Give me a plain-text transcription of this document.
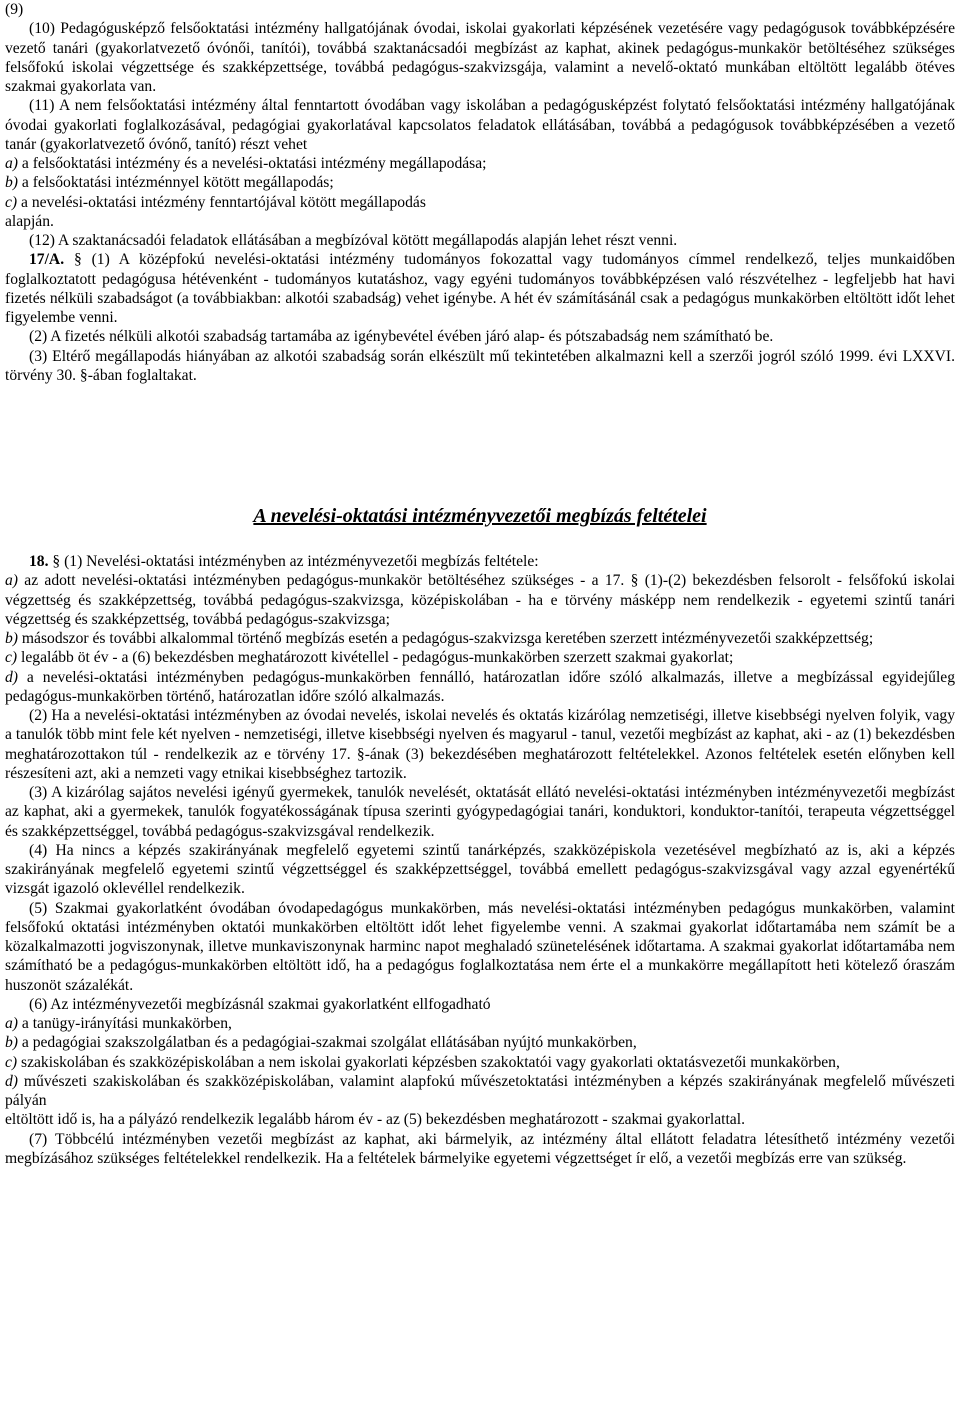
(9)

(10) Pedagógusképző felsőoktatási intézmény hallgatójának óvodai, iskolai gyakorlati képzésének vezetésére vagy pedagógusok továbbképzésére vezető tanári (gyakorlatvezető óvónői, tanítói), továbbá szaktanácsadói megbízást az kaphat, akinek pedagógus-munkakör betöltéséhez szükséges felsőfokú iskolai végzettsége és szakképzettsége, továbbá pedagógus-szakvizsgája, valamint a nevelő-oktató munkában eltöltött legalább ötéves szakmai gyakorlata van.

(11) A nem felsőoktatási intézmény által fenntartott óvodában vagy iskolában a pedagógusképzést folytató felsőoktatási intézmény hallgatójának óvodai gyakorlati foglalkozásával, pedagógiai gyakorlatával kapcsolatos feladatok ellátásában, továbbá a pedagógusok továbbképzésében a vezető tanár (gyakorlatvezető óvónő, tanító) részt vehet

a) a felsőoktatási intézmény és a nevelési-oktatási intézmény megállapodása;

b) a felsőoktatási intézménnyel kötött megállapodás;

c) a nevelési-oktatási intézmény fenntartójával kötött megállapodás

alapján.

(12) A szaktanácsadói feladatok ellátásában a megbízóval kötött megállapodás alapján lehet részt venni.

17/A. § (1) A középfokú nevelési-oktatási intézmény tudományos fokozattal vagy tudományos címmel rendelkező, teljes munkaidőben foglalkoztatott pedagógusa hétévenként - tudományos kutatáshoz, vagy egyéni tudományos továbbképzésen való részvételhez - legfeljebb hat havi fizetés nélküli szabadságot (a továbbiakban: alkotói szabadság) vehet igénybe. A hét év számításánál csak a pedagógus munkakörben eltöltött időt lehet figyelembe venni.

(2) A fizetés nélküli alkotói szabadság tartamába az igénybevétel évében járó alap- és pótszabadság nem számítható be.

(3) Eltérő megállapodás hiányában az alkotói szabadság során elkészült mű tekintetében alkalmazni kell a szerzői jogról szóló 1999. évi LXXVI. törvény 30. §-ában foglaltakat.

A nevelési-oktatási intézményvezetői megbízás feltételei

18. § (1) Nevelési-oktatási intézményben az intézményvezetői megbízás feltétele:

a) az adott nevelési-oktatási intézményben pedagógus-munkakör betöltéséhez szükséges - a 17. § (1)-(2) bekezdésben felsorolt - felsőfokú iskolai végzettség és szakképzettség, továbbá pedagógus-szakvizsga, középiskolában - ha e törvény másképp nem rendelkezik - egyetemi szintű tanári végzettség és szakképzettség, továbbá pedagógus-szakvizsga;

b) másodszor és további alkalommal történő megbízás esetén a pedagógus-szakvizsga keretében szerzett intézményvezetői szakképzettség;

c) legalább öt év - a (6) bekezdésben meghatározott kivétellel - pedagógus-munkakörben szerzett szakmai gyakorlat;

d) a nevelési-oktatási intézményben pedagógus-munkakörben fennálló, határozatlan időre szóló alkalmazás, illetve a megbízással egyidejűleg pedagógus-munkakörben történő, határozatlan időre szóló alkalmazás.

(2) Ha a nevelési-oktatási intézményben az óvodai nevelés, iskolai nevelés és oktatás kizárólag nemzetiségi, illetve kisebbségi nyelven folyik, vagy a tanulók több mint fele két nyelven - nemzetiségi, illetve kisebbségi nyelven és magyarul - tanul, vezetői megbízást az kaphat, aki - az (1) bekezdésben meghatározottakon túl - rendelkezik az e törvény 17. §-ának (3) bekezdésében meghatározott feltételekkel. Azonos feltételek esetén előnyben kell részesíteni azt, aki a nemzeti vagy etnikai kisebbséghez tartozik.

(3) A kizárólag sajátos nevelési igényű gyermekek, tanulók nevelését, oktatását ellátó nevelési-oktatási intézményben intézményvezetői megbízást az kaphat, aki a gyermekek, tanulók fogyatékosságának típusa szerinti gyógypedagógiai tanári, konduktori, konduktor-tanítói, terapeuta végzettséggel és szakképzettséggel, továbbá pedagógus-szakvizsgával rendelkezik.

(4) Ha nincs a képzés szakirányának megfelelő egyetemi szintű tanárképzés, szakközépiskola vezetésével megbízható az is, aki a képzés szakirányának megfelelő egyetemi szintű végzettséggel és szakképzettséggel, továbbá emellett pedagógus-szakvizsgával vagy azzal egyenértékű vizsgát igazoló oklevéllel rendelkezik.

(5) Szakmai gyakorlatként óvodában óvodapedagógus munkakörben, más nevelési-oktatási intézményben pedagógus munkakörben, valamint felsőfokú oktatási intézményben oktatói munkakörben eltöltött időt lehet figyelembe venni. A szakmai gyakorlat időtartamába nem számít be a közalkalmazotti jogviszonynak, illetve munkaviszonynak harminc napot meghaladó szünetelésének időtartama. A szakmai gyakorlat időtartamába nem számítható be a pedagógus-munkakörben eltöltött idő, ha a pedagógus foglalkoztatása nem érte el a munkakörre megállapított heti kötelező óraszám huszonöt százalékát.

(6) Az intézményvezetői megbízásnál szakmai gyakorlatként ellfogadható

a) a tanügy-irányítási munkakörben,

b) a pedagógiai szakszolgálatban és a pedagógiai-szakmai szolgálat ellátásában nyújtó munkakörben,

c) szakiskolában és szakközépiskolában a nem iskolai gyakorlati képzésben szakoktatói vagy gyakorlati oktatásvezetői munkakörben,

d) művészeti szakiskolában és szakközépiskolában, valamint alapfokú művészetoktatási intézményben a képzés szakirányának megfelelő művészeti pályán

eltöltött idő is, ha a pályázó rendelkezik legalább három év - az (5) bekezdésben meghatározott - szakmai gyakorlattal.

(7) Többcélú intézményben vezetői megbízást az kaphat, aki bármelyik, az intézmény által ellátott feladatra létesíthető intézmény vezetői megbízásához szükséges feltételekkel rendelkezik. Ha a feltételek bármelyike egyetemi végzettséget ír elő, a vezetői megbízás erre van szükség.
